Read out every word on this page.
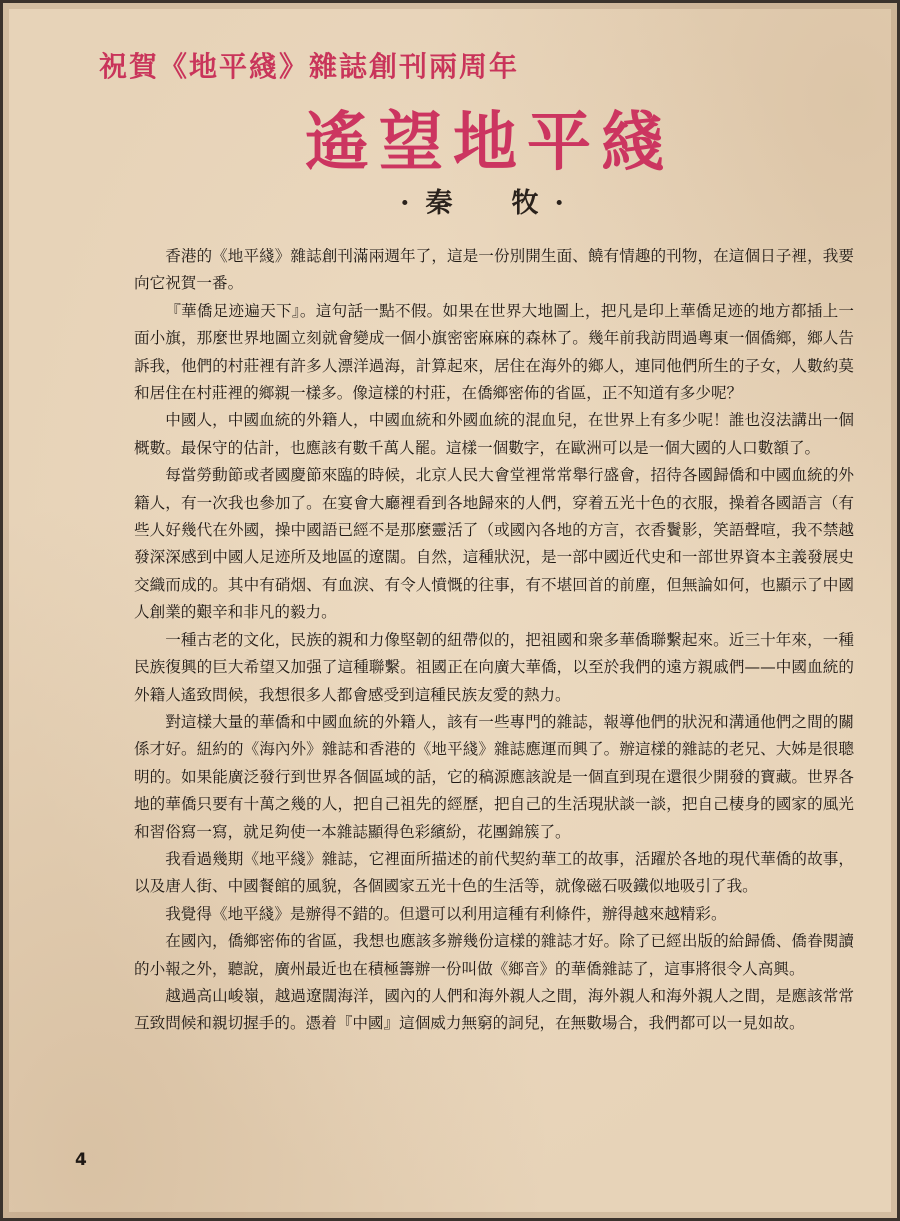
祝賀《地平綫》雜誌創刊兩周年
遙望地平綫
·秦　牧·

香港的《地平綫》雜誌創刊滿兩週年了，這是一份別開生面、饒有情趣的刊物，在這個日子裡，我要向它祝賀一番。

『華僑足迹遍天下』。這句話一點不假。如果在世界大地圖上，把凡是印上華僑足迹的地方都插上一面小旗，那麼世界地圖立刻就會變成一個小旗密密麻麻的森林了。幾年前我訪問過粵東一個僑鄉，鄉人告訴我，他們的村莊裡有許多人漂洋過海，計算起來，居住在海外的鄉人，連同他們所生的子女，人數約莫和居住在村莊裡的鄉親一樣多。像這樣的村莊，在僑鄉密佈的省區，正不知道有多少呢？

中國人，中國血統的外籍人，中國血統和外國血統的混血兒，在世界上有多少呢！誰也沒法講出一個概數。最保守的估計，也應該有數千萬人罷。這樣一個數字，在歐洲可以是一個大國的人口數額了。

每當勞動節或者國慶節來臨的時候，北京人民大會堂裡常常舉行盛會，招待各國歸僑和中國血統的外籍人，有一次我也參加了。在宴會大廳裡看到各地歸來的人們，穿着五光十色的衣服，操着各國語言（有些人好幾代在外國，操中國語已經不是那麼靈活了（或國內各地的方言，衣香鬢影，笑語聲喧，我不禁越發深深感到中國人足迹所及地區的遼闊。自然，這種狀況，是一部中國近代史和一部世界資本主義發展史交織而成的。其中有硝烟、有血淚、有令人憤慨的往事，有不堪回首的前塵，但無論如何，也顯示了中國人創業的艱辛和非凡的毅力。

一種古老的文化，民族的親和力像堅韌的紐帶似的，把祖國和衆多華僑聯繫起來。近三十年來，一種民族復興的巨大希望又加强了這種聯繫。祖國正在向廣大華僑，以至於我們的遠方親戚們——中國血統的外籍人遙致問候，我想很多人都會感受到這種民族友愛的熱力。

對這樣大量的華僑和中國血統的外籍人，該有一些專門的雜誌，報導他們的狀況和溝通他們之間的關係才好。紐約的《海內外》雜誌和香港的《地平綫》雜誌應運而興了。辦這樣的雜誌的老兄、大姊是很聰明的。如果能廣泛發行到世界各個區域的話，它的稿源應該說是一個直到現在還很少開發的寶藏。世界各地的華僑只要有十萬之幾的人，把自己祖先的經歷，把自己的生活現狀談一談，把自己棲身的國家的風光和習俗寫一寫，就足夠使一本雜誌顯得色彩繽紛，花團錦簇了。

我看過幾期《地平綫》雜誌，它裡面所描述的前代契約華工的故事，活躍於各地的現代華僑的故事，以及唐人街、中國餐館的風貌，各個國家五光十色的生活等，就像磁石吸鐵似地吸引了我。

我覺得《地平綫》是辦得不錯的。但還可以利用這種有利條件，辦得越來越精彩。

在國內，僑鄉密佈的省區，我想也應該多辦幾份這樣的雜誌才好。除了已經出版的給歸僑、僑眷閱讀的小報之外，聽說，廣州最近也在積極籌辦一份叫做《鄉音》的華僑雜誌了，這事將很令人高興。

越過高山峻嶺，越過遼闊海洋，國內的人們和海外親人之間，海外親人和海外親人之間，是應該常常互致問候和親切握手的。憑着『中國』這個威力無窮的詞兒，在無數場合，我們都可以一見如故。

4
